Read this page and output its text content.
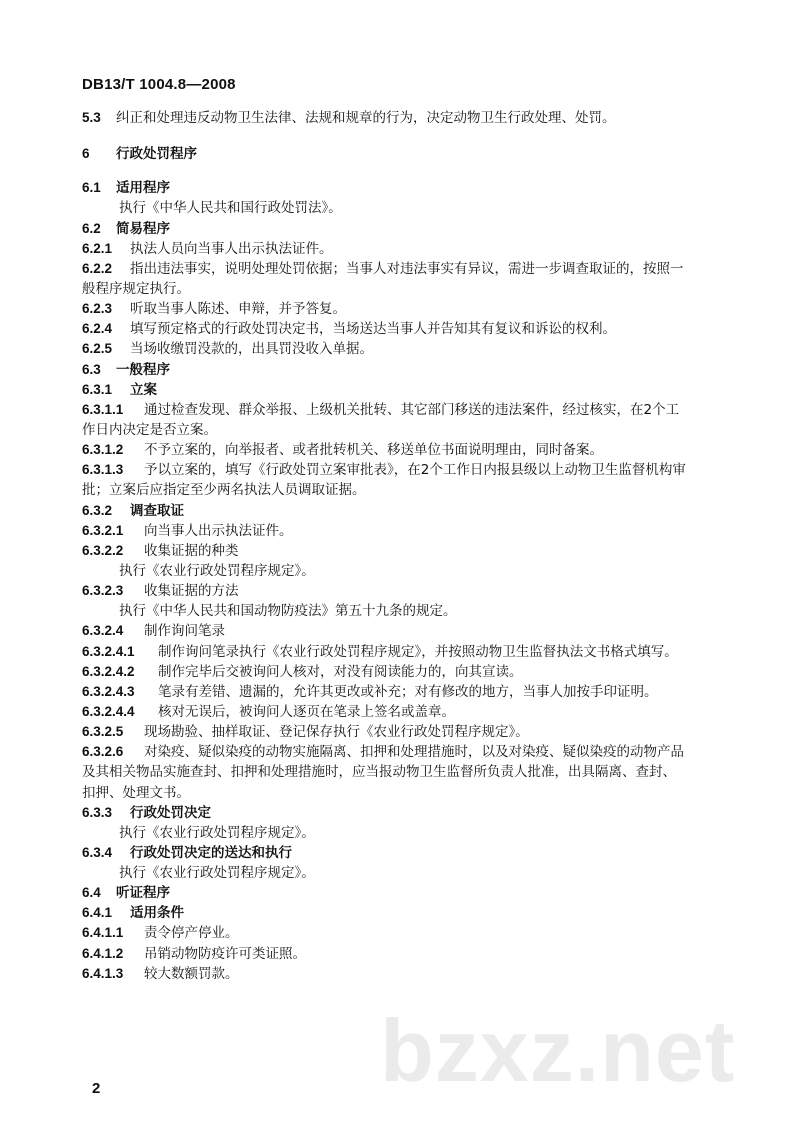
DB13/T 1004.8—2008
5.3 纠正和处理违反动物卫生法律、法规和规章的行为，决定动物卫生行政处理、处罚。
6 行政处罚程序
6.1 适用程序
执行《中华人民共和国行政处罚法》。
6.2 简易程序
6.2.1 执法人员向当事人出示执法证件。
6.2.2 指出违法事实，说明处理处罚依据；当事人对违法事实有异议，需进一步调查取证的，按照一
般程序规定执行。
6.2.3 听取当事人陈述、申辩，并予答复。
6.2.4 填写预定格式的行政处罚决定书，当场送达当事人并告知其有复议和诉讼的权利。
6.2.5 当场收缴罚没款的，出具罚没收入单据。
6.3 一般程序
6.3.1 立案
6.3.1.1 通过检查发现、群众举报、上级机关批转、其它部门移送的违法案件，经过核实，在2个工
作日内决定是否立案。
6.3.1.2 不予立案的，向举报者、或者批转机关、移送单位书面说明理由，同时备案。
6.3.1.3 予以立案的，填写《行政处罚立案审批表》，在2个工作日内报县级以上动物卫生监督机构审
批；立案后应指定至少两名执法人员调取证据。
6.3.2 调查取证
6.3.2.1 向当事人出示执法证件。
6.3.2.2 收集证据的种类
执行《农业行政处罚程序规定》。
6.3.2.3 收集证据的方法
执行《中华人民共和国动物防疫法》第五十九条的规定。
6.3.2.4 制作询问笔录
6.3.2.4.1 制作询问笔录执行《农业行政处罚程序规定》，并按照动物卫生监督执法文书格式填写。
6.3.2.4.2 制作完毕后交被询问人核对，对没有阅读能力的，向其宣读。
6.3.2.4.3 笔录有差错、遗漏的，允许其更改或补充；对有修改的地方，当事人加按手印证明。
6.3.2.4.4 核对无误后，被询问人逐页在笔录上签名或盖章。
6.3.2.5 现场勘验、抽样取证、登记保存执行《农业行政处罚程序规定》。
6.3.2.6 对染疫、疑似染疫的动物实施隔离、扣押和处理措施时，以及对染疫、疑似染疫的动物产品
及其相关物品实施查封、扣押和处理措施时，应当报动物卫生监督所负责人批准，出具隔离、查封、
扣押、处理文书。
6.3.3 行政处罚决定
执行《农业行政处罚程序规定》。
6.3.4 行政处罚决定的送达和执行
执行《农业行政处罚程序规定》。
6.4 听证程序
6.4.1 适用条件
6.4.1.1 责令停产停业。
6.4.1.2 吊销动物防疫许可类证照。
6.4.1.3 较大数额罚款。
bzxz.net
2
